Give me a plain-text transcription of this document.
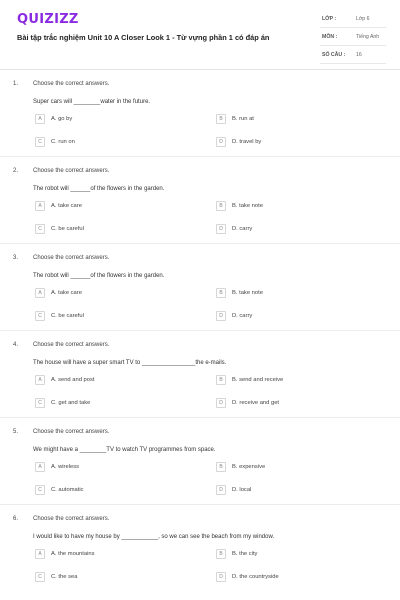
QUIZIZZ
Bài tập trắc nghiệm Unit 10 A Closer Look 1 - Từ vựng phần 1 có đáp án
LỚP :	Lớp 6
MÔN :	Tiếng Anh
SỐ CÂU : 16
1. Choose the correct answers.
Super cars will ________water in the future.
A	A. go by	B	B. run at
C	C. run on	D	D. travel by
2. Choose the correct answers.
The robot will ______of the flowers in the garden.
A	A. take care	B	B. take note
C	C. be careful	D	D. carry
3. Choose the correct answers.
The robot will ______of the flowers in the garden.
A	A. take care	B	B. take note
C	C. be careful	D	D. carry
4. Choose the correct answers.
The house will have a super smart TV to ________________the e-mails.
A	A. send and post	B	B. send and receive
C	C. get and take	D	D. receive and get
5. Choose the correct answers.
We might have a ________TV to watch TV programmes from space.
A	A. wireless	B	B. expensive
C	C. automatic	D	D. local
6. Choose the correct answers.
I would like to have my house by ___________, so we can see the beach from my window.
A	A. the mountains	B	B. the city
C	C. the sea	D	D. the countryside
